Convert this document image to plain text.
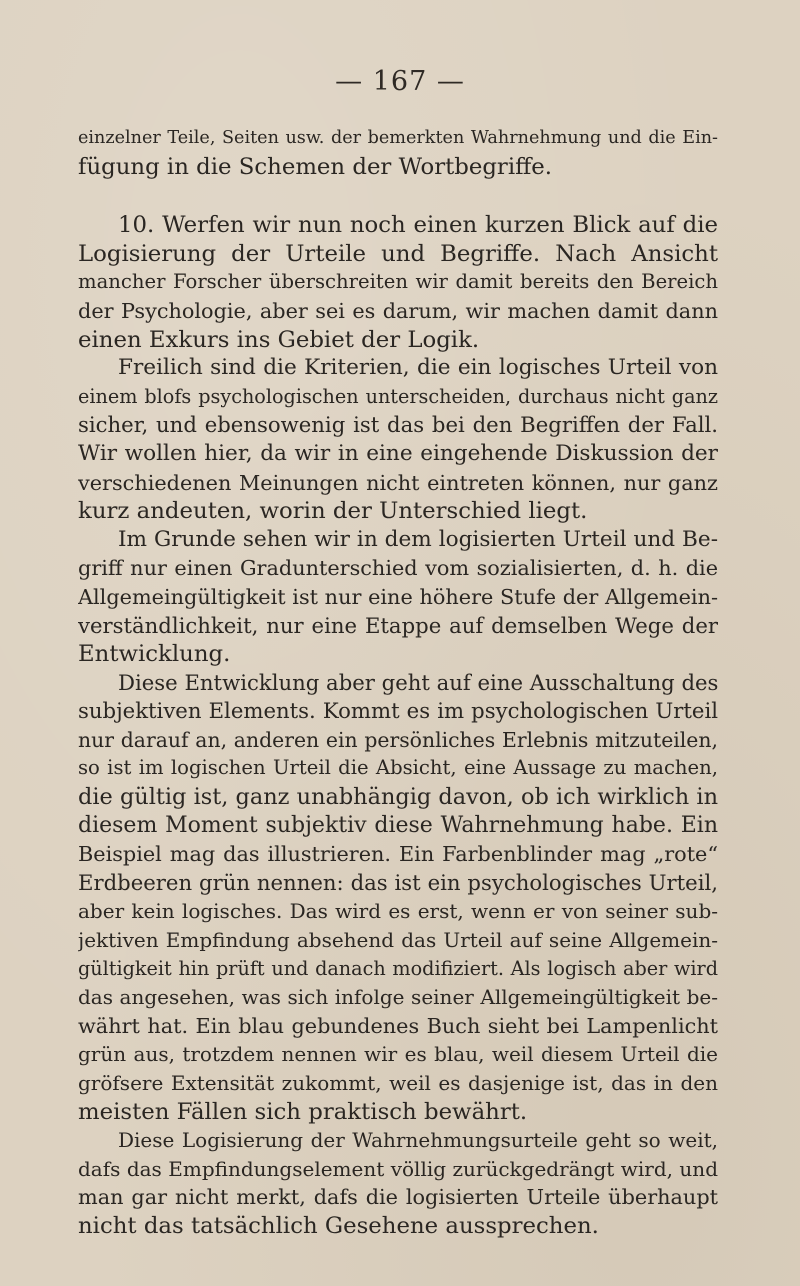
— 167 —
einzelner Teile, Seiten usw. der bemerkten Wahrnehmung und die Ein-
fügung in die Schemen der Wortbegriffe.
10. Werfen wir nun noch einen kurzen Blick auf die
Logisierung der Urteile und Begriffe. Nach Ansicht
mancher Forscher überschreiten wir damit bereits den Bereich
der Psychologie, aber sei es darum, wir machen damit dann
einen Exkurs ins Gebiet der Logik.
Freilich sind die Kriterien, die ein logisches Urteil von
einem blofs psychologischen unterscheiden, durchaus nicht ganz
sicher, und ebensowenig ist das bei den Begriffen der Fall.
Wir wollen hier, da wir in eine eingehende Diskussion der
verschiedenen Meinungen nicht eintreten können, nur ganz
kurz andeuten, worin der Unterschied liegt.
Im Grunde sehen wir in dem logisierten Urteil und Be-
griff nur einen Gradunterschied vom sozialisierten, d. h. die
Allgemeingültigkeit ist nur eine höhere Stufe der Allgemein-
verständlichkeit, nur eine Etappe auf demselben Wege der
Entwicklung.
Diese Entwicklung aber geht auf eine Ausschaltung des
subjektiven Elements. Kommt es im psychologischen Urteil
nur darauf an, anderen ein persönliches Erlebnis mitzuteilen,
so ist im logischen Urteil die Absicht, eine Aussage zu machen,
die gültig ist, ganz unabhängig davon, ob ich wirklich in
diesem Moment subjektiv diese Wahrnehmung habe. Ein
Beispiel mag das illustrieren. Ein Farbenblinder mag „rote“
Erdbeeren grün nennen: das ist ein psychologisches Urteil,
aber kein logisches. Das wird es erst, wenn er von seiner sub-
jektiven Empfindung absehend das Urteil auf seine Allgemein-
gültigkeit hin prüft und danach modifiziert. Als logisch aber wird
das angesehen, was sich infolge seiner Allgemeingültigkeit be-
währt hat. Ein blau gebundenes Buch sieht bei Lampenlicht
grün aus, trotzdem nennen wir es blau, weil diesem Urteil die
gröfsere Extensität zukommt, weil es dasjenige ist, das in den
meisten Fällen sich praktisch bewährt.
Diese Logisierung der Wahrnehmungsurteile geht so weit,
dafs das Empfindungselement völlig zurückgedrängt wird, und
man gar nicht merkt, dafs die logisierten Urteile überhaupt
nicht das tatsächlich Gesehene aussprechen.
